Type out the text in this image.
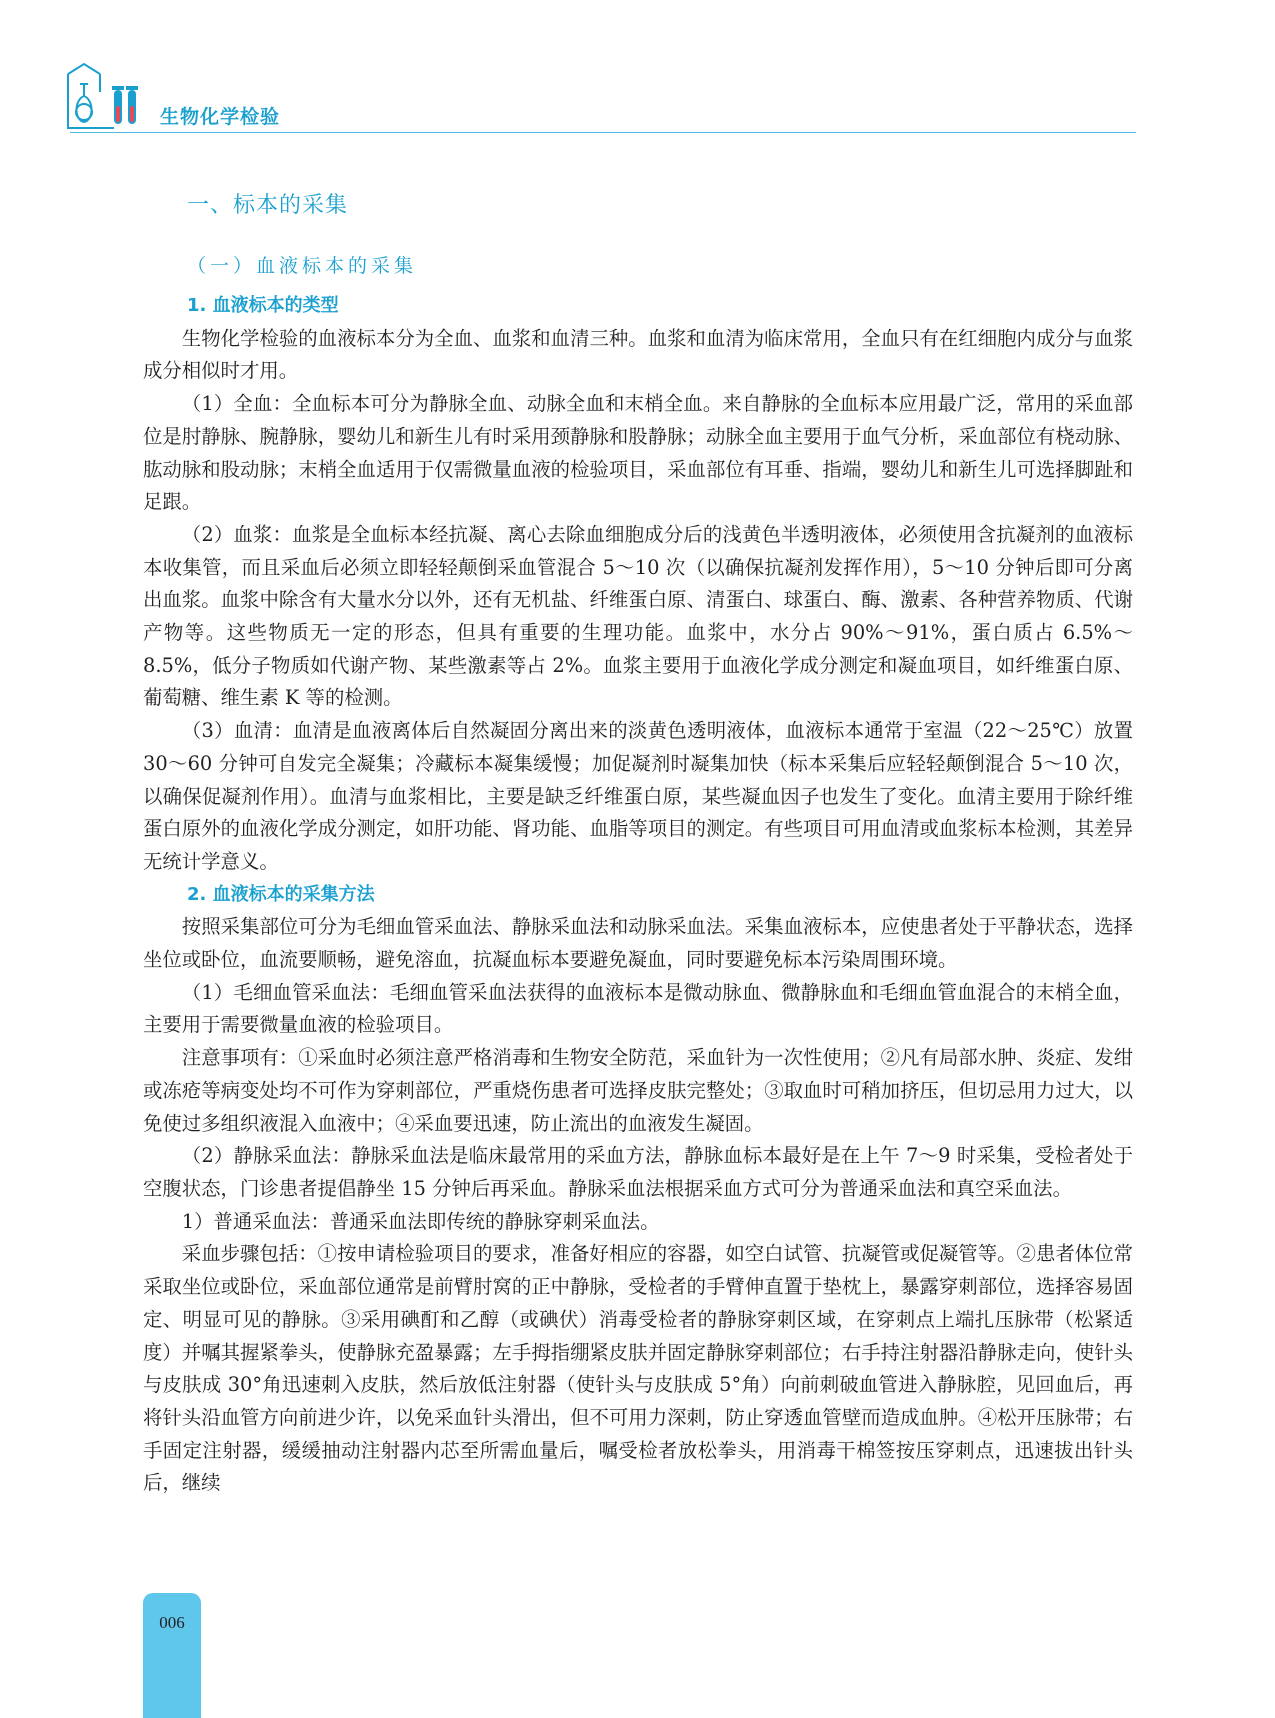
生物化学检验
一、标本的采集
（一）血液标本的采集
1. 血液标本的类型

生物化学检验的血液标本分为全血、血浆和血清三种。血浆和血清为临床常用，全血只有在红细胞内成分与血浆成分相似时才用。

（1）全血：全血标本可分为静脉全血、动脉全血和末梢全血。来自静脉的全血标本应用最广泛，常用的采血部位是肘静脉、腕静脉，婴幼儿和新生儿有时采用颈静脉和股静脉；动脉全血主要用于血气分析，采血部位有桡动脉、肱动脉和股动脉；末梢全血适用于仅需微量血液的检验项目，采血部位有耳垂、指端，婴幼儿和新生儿可选择脚趾和足跟。

（2）血浆：血浆是全血标本经抗凝、离心去除血细胞成分后的浅黄色半透明液体，必须使用含抗凝剂的血液标本收集管，而且采血后必须立即轻轻颠倒采血管混合 5～10 次（以确保抗凝剂发挥作用），5～10 分钟后即可分离出血浆。血浆中除含有大量水分以外，还有无机盐、纤维蛋白原、清蛋白、球蛋白、酶、激素、各种营养物质、代谢产物等。这些物质无一定的形态，但具有重要的生理功能。血浆中，水分占 90%～91%，蛋白质占 6.5%～8.5%，低分子物质如代谢产物、某些激素等占 2%。血浆主要用于血液化学成分测定和凝血项目，如纤维蛋白原、葡萄糖、维生素 K 等的检测。

（3）血清：血清是血液离体后自然凝固分离出来的淡黄色透明液体，血液标本通常于室温（22～25℃）放置 30～60 分钟可自发完全凝集；冷藏标本凝集缓慢；加促凝剂时凝集加快（标本采集后应轻轻颠倒混合 5～10 次，以确保促凝剂作用）。血清与血浆相比，主要是缺乏纤维蛋白原，某些凝血因子也发生了变化。血清主要用于除纤维蛋白原外的血液化学成分测定，如肝功能、肾功能、血脂等项目的测定。有些项目可用血清或血浆标本检测，其差异无统计学意义。

2. 血液标本的采集方法

按照采集部位可分为毛细血管采血法、静脉采血法和动脉采血法。采集血液标本，应使患者处于平静状态，选择坐位或卧位，血流要顺畅，避免溶血，抗凝血标本要避免凝血，同时要避免标本污染周围环境。

（1）毛细血管采血法：毛细血管采血法获得的血液标本是微动脉血、微静脉血和毛细血管血混合的末梢全血，主要用于需要微量血液的检验项目。

注意事项有：①采血时必须注意严格消毒和生物安全防范，采血针为一次性使用；②凡有局部水肿、炎症、发绀或冻疮等病变处均不可作为穿刺部位，严重烧伤患者可选择皮肤完整处；③取血时可稍加挤压，但切忌用力过大，以免使过多组织液混入血液中；④采血要迅速，防止流出的血液发生凝固。

（2）静脉采血法：静脉采血法是临床最常用的采血方法，静脉血标本最好是在上午 7～9 时采集，受检者处于空腹状态，门诊患者提倡静坐 15 分钟后再采血。静脉采血法根据采血方式可分为普通采血法和真空采血法。

1）普通采血法：普通采血法即传统的静脉穿刺采血法。

采血步骤包括：①按申请检验项目的要求，准备好相应的容器，如空白试管、抗凝管或促凝管等。②患者体位常采取坐位或卧位，采血部位通常是前臂肘窝的正中静脉，受检者的手臂伸直置于垫枕上，暴露穿刺部位，选择容易固定、明显可见的静脉。③采用碘酊和乙醇（或碘伏）消毒受检者的静脉穿刺区域，在穿刺点上端扎压脉带（松紧适度）并嘱其握紧拳头，使静脉充盈暴露；左手拇指绷紧皮肤并固定静脉穿刺部位；右手持注射器沿静脉走向，使针头与皮肤成 30°角迅速刺入皮肤，然后放低注射器（使针头与皮肤成 5°角）向前刺破血管进入静脉腔，见回血后，再将针头沿血管方向前进少许，以免采血针头滑出，但不可用力深刺，防止穿透血管壁而造成血肿。④松开压脉带；右手固定注射器，缓缓抽动注射器内芯至所需血量后，嘱受检者放松拳头，用消毒干棉签按压穿刺点，迅速拔出针头后，继续

006
